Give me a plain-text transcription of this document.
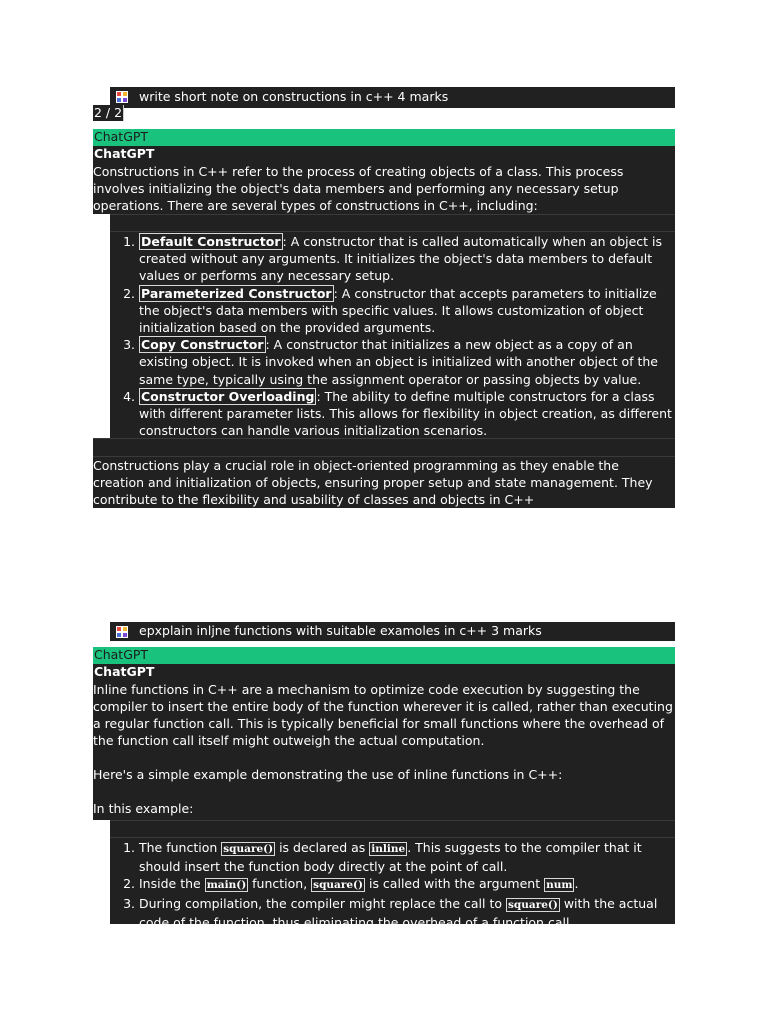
write short note on constructions in c++ 4 marks
2 / 2
ChatGPT
ChatGPT

Constructions in C++ refer to the process of creating objects of a class. This process involves initializing the object's data members and performing any necessary setup operations. There are several types of constructions in C++, including:

1. Default Constructor : A constructor that is called automatically when an object is created without any arguments. It initializes the object's data members to default values or performs any necessary setup.
2. Parameterized Constructor : A constructor that accepts parameters to initialize the object's data members with specific values. It allows customization of object initialization based on the provided arguments.
3. Copy Constructor : A constructor that initializes a new object as a copy of an existing object. It is invoked when an object is initialized with another object of the same type, typically using the assignment operator or passing objects by value.
4. Constructor Overloading : The ability to define multiple constructors for a class with different parameter lists. This allows for flexibility in object creation, as different constructors can handle various initialization scenarios.

Constructions play a crucial role in object-oriented programming as they enable the creation and initialization of objects, ensuring proper setup and state management. They contribute to the flexibility and usability of classes and objects in C++

epxplain inljne functions with suitable examoles in c++ 3 marks
ChatGPT
ChatGPT

Inline functions in C++ are a mechanism to optimize code execution by suggesting the compiler to insert the entire body of the function wherever it is called, rather than executing a regular function call. This is typically beneficial for small functions where the overhead of the function call itself might outweigh the actual computation.

Here's a simple example demonstrating the use of inline functions in C++:

In this example:

1. The function square() is declared as inline . This suggests to the compiler that it should insert the function body directly at the point of call.
2. Inside the main() function, square() is called with the argument num .
3. During compilation, the compiler might replace the call to square() with the actual code of the function, thus eliminating the overhead of a function call.
